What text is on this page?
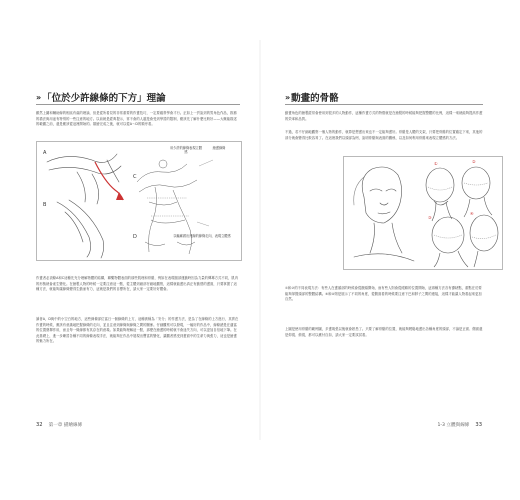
» 「位於少許線條的下方」理論

雖然上圖和輔助線的相區有處的理論，但是從所看見的非常重要的作畫技巧，一定要確實學會才行。正如上一頁說到的男角色作品，推薦的描法與用途有特別的一些注意的地方。以前就是經典提示，常不會的人越是會受到學習的限制，應該先了解什麼比較好——大概能描述的範圍之前，還是應該從這裡開始的。描繪完成之後，就可以從A～D的順序看。

A
B
C
D

用少許的線條表現立體感

繪畫線條

以輪廓做出連線的線條走向，表現立體感

作畫者必須條A和C這種先充分理解物體的結構，聯繫物體表面的那些肌理和骨骼，例如在表現腿部運動時因為力量的傳導方式不同，肌肉的形態就會產生變化。在繪製人物的時候一定要注意這一點，從主體到細部仔細地觀察，這樣就能畫出真正有動感的畫面，只要掌握了這種方法，就能夠讓線條變得生動而有力，這就是我們的目標所在，請大家一定要好好體會。

讀者A，D與中的小空白的地方，這些線條部位當日一個線條的上方，這種被稱為「安分」的作畫方法，是為了在線條的上方進行，其實在作畫的時候，應該有意識地把握線條的走向，並且注意到線條與線條之間的關係。仔細觀察可以發現，一幅好的作品中，線條總是在適當的位置發揮作用，而且每一條線都有其存在的意義。如果能夠理解這一點，那麼在繪畫的時候就不會迷失方向，可以更加自信地下筆。在此基礎上，進一步練習各種不同的線條表現手法，就能夠在作品中展現出豐富的變化，讓觀者感受到畫面中的生命力與張力，這也是繪畫的魅力所在。

32 第一章 描繪線條
» 動畫的骨骼

動畫角色的繪製經常會使用到很多的人物動作，這種作畫方式的特徵就是在繪製的時候能夠把握整體的比例，這樣一來就能夠提高作畫的效率和品質。

不過，若不仔細地觀察一個人物的動作，就算是想畫出來也不一定能夠畫好。骨骼是人體的支架，只要把骨骼的位置確定下來，其他的部分就會變得比較容易了。在這裡我們以頭部為例，說明骨骼與表面的關係，以及如何利用骨骼來表現立體感的方法。

①	②
③
④

①和②的不同表現方法：有些人在畫頭部的時候會從額頭開始，而有些人則會從眼睛的位置開始，這兩種方法各有優缺點，重點在於要能夠掌握頭部的整體結構。③和④則是展示了不同的角度，從側面看的時候要注意下巴和脖子之間的連接，這樣才能讓人物看起來更加自然。

上圖是使用骨骼的範例圖，多畫幾張以後就會熟悉了。只要了解骨骼的位置，就能夠輕鬆地畫出各種角度的頭部，不論是正面、側面還是仰視、俯視，都可以應付自如，請大家一定要試試看。

1-3 立體與線條 33
